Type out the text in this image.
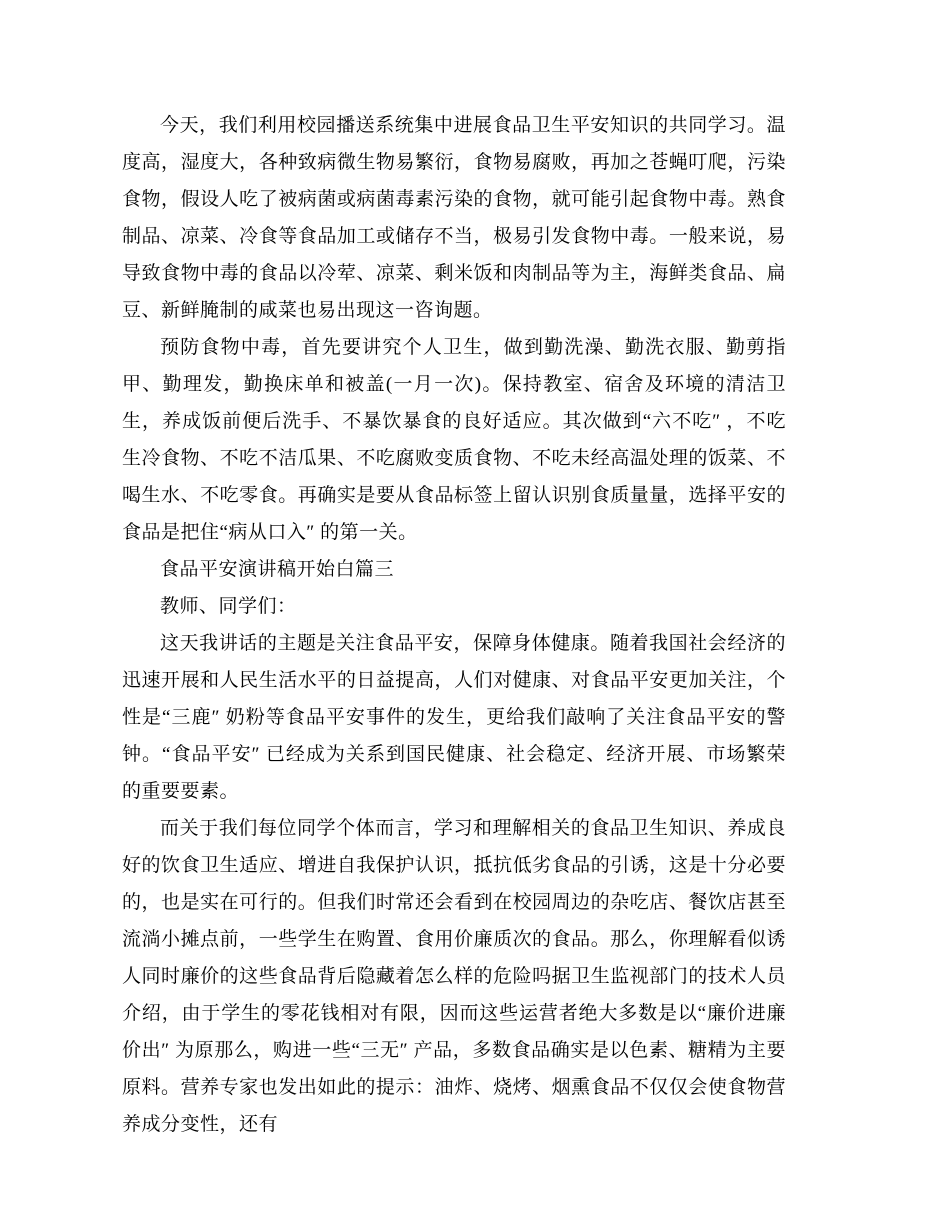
今天，我们利用校园播送系统集中进展食品卫生平安知识的共同学习。温度高，湿度大，各种致病微生物易繁衍，食物易腐败，再加之苍蝇叮爬，污染食物，假设人吃了被病菌或病菌毒素污染的食物，就可能引起食物中毒。熟食制品、凉菜、冷食等食品加工或储存不当，极易引发食物中毒。一般来说，易导致食物中毒的食品以冷荤、凉菜、剩米饭和肉制品等为主，海鲜类食品、扁豆、新鲜腌制的咸菜也易出现这一咨询题。

预防食物中毒，首先要讲究个人卫生，做到勤洗澡、勤洗衣服、勤剪指甲、勤理发，勤换床单和被盖(一月一次)。保持教室、宿舍及环境的清洁卫生，养成饭前便后洗手、不暴饮暴食的良好适应。其次做到“六不吃″ ，不吃生冷食物、不吃不洁瓜果、不吃腐败变质食物、不吃未经高温处理的饭菜、不喝生水、不吃零食。再确实是要从食品标签上留认识别食质量量，选择平安的食品是把住“病从口入″ 的第一关。

食品平安演讲稿开始白篇三

教师、同学们：

这天我讲话的主题是关注食品平安，保障身体健康。随着我国社会经济的迅速开展和人民生活水平的日益提高，人们对健康、对食品平安更加关注，个性是“三鹿″ 奶粉等食品平安事件的发生，更给我们敲响了关注食品平安的警钟。“食品平安″ 已经成为关系到国民健康、社会稳定、经济开展、市场繁荣的重要要素。

而关于我们每位同学个体而言，学习和理解相关的食品卫生知识、养成良好的饮食卫生适应、增进自我保护认识，抵抗低劣食品的引诱，这是十分必要的，也是实在可行的。但我们时常还会看到在校园周边的杂吃店、餐饮店甚至流淌小摊点前，一些学生在购置、食用价廉质次的食品。那么，你理解看似诱人同时廉价的这些食品背后隐藏着怎么样的危险吗据卫生监视部门的技术人员介绍，由于学生的零花钱相对有限，因而这些运营者绝大多数是以“廉价进廉价出″ 为原那么，购进一些“三无″ 产品，多数食品确实是以色素、糖精为主要原料。营养专家也发出如此的提示：油炸、烧烤、烟熏食品不仅仅会使食物营养成分变性，还有
